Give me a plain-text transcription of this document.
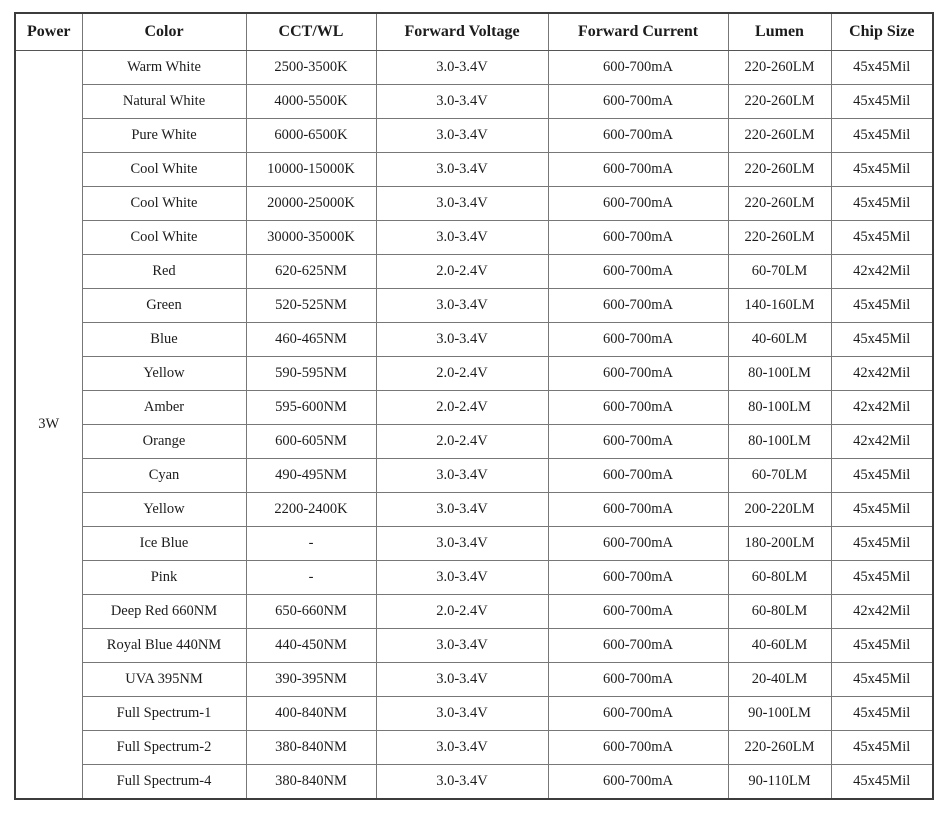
Power	Color	CCT/WL	Forward Voltage	Forward Current	Lumen	Chip Size
3W	Warm White	2500-3500K	3.0-3.4V	600-700mA	220-260LM	45x45Mil
	Natural White	4000-5500K	3.0-3.4V	600-700mA	220-260LM	45x45Mil
	Pure White	6000-6500K	3.0-3.4V	600-700mA	220-260LM	45x45Mil
	Cool White	10000-15000K	3.0-3.4V	600-700mA	220-260LM	45x45Mil
	Cool White	20000-25000K	3.0-3.4V	600-700mA	220-260LM	45x45Mil
	Cool White	30000-35000K	3.0-3.4V	600-700mA	220-260LM	45x45Mil
	Red	620-625NM	2.0-2.4V	600-700mA	60-70LM	42x42Mil
	Green	520-525NM	3.0-3.4V	600-700mA	140-160LM	45x45Mil
	Blue	460-465NM	3.0-3.4V	600-700mA	40-60LM	45x45Mil
	Yellow	590-595NM	2.0-2.4V	600-700mA	80-100LM	42x42Mil
	Amber	595-600NM	2.0-2.4V	600-700mA	80-100LM	42x42Mil
	Orange	600-605NM	2.0-2.4V	600-700mA	80-100LM	42x42Mil
	Cyan	490-495NM	3.0-3.4V	600-700mA	60-70LM	45x45Mil
	Yellow	2200-2400K	3.0-3.4V	600-700mA	200-220LM	45x45Mil
	Ice Blue	-	3.0-3.4V	600-700mA	180-200LM	45x45Mil
	Pink	-	3.0-3.4V	600-700mA	60-80LM	45x45Mil
	Deep Red 660NM	650-660NM	2.0-2.4V	600-700mA	60-80LM	42x42Mil
	Royal Blue 440NM	440-450NM	3.0-3.4V	600-700mA	40-60LM	45x45Mil
	UVA 395NM	390-395NM	3.0-3.4V	600-700mA	20-40LM	45x45Mil
	Full Spectrum-1	400-840NM	3.0-3.4V	600-700mA	90-100LM	45x45Mil
	Full Spectrum-2	380-840NM	3.0-3.4V	600-700mA	220-260LM	45x45Mil
	Full Spectrum-4	380-840NM	3.0-3.4V	600-700mA	90-110LM	45x45Mil
